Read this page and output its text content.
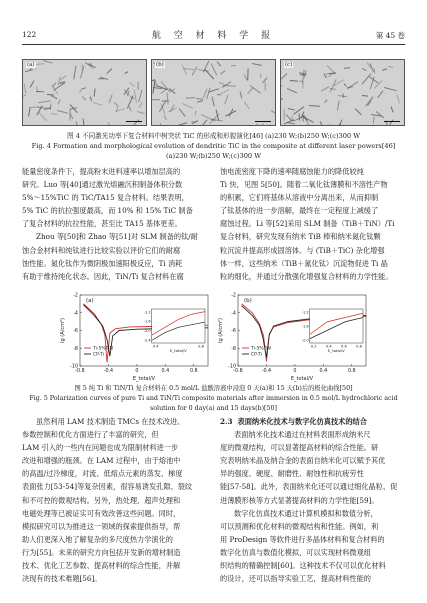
122	航 空 材 料 学 报	第 45 卷
(a)	(b)	(c)
图 4 不同激光功率下复合材料中树突状 TiC 的形成和形貌演化[46] (a)230 W;(b)250 W;(c)300 W
Fig. 4 Formation and morphological evolution of dendritic TiC in the composite at different laser powers[46]
(a)230 W;(b)250 W;(c)300 W
能量密度条件下，提高粉末进料速率以增加层高的
研究。Luo 等[40]通过激光熔融沉积制备体积分数
5%～15%TiC 的 TiC/TA15 复合材料。结果表明，
5% TiC 的抗拉强度最高，而 10% 和 15% TiC 制备
了复合材料的抗拉性能，甚至比 TA15 基体更差。
Zhou 等[50]和 Zhao 等[51]对 SLM 制备的钛/耐
蚀合金材料和纯钛进行比较实验以评价它们的耐腐
蚀性能。氮化钛作为微阴极加速阳极反应，Ti 消耗
有助于维持纯化状态。因此，TiN/Ti 复合材料在腐
蚀电流密度下降的速率随腐蚀能力的降低较纯
Ti 快，见图 5[50]。随着二氧化钛薄膜和不溶性产物
的积累，它们将基体从溶液中分离出来，从而抑制
了钛基体的进一步溶解，最终在一定程度上减缓了
腐蚀过程。Li 等[52]采用 SLM 制备（TiB＋TiN）/Ti
复合材料，研究发现有纳米 TiB 棒和纳米氮化钛颗
粒沉淀并提高形成固溶体。与 (TiB＋TiC) 杂化增强
体一样，这些纳米（TiB＋氮化钛）沉淀物促进 Ti 晶
粒的细化，并通过分散强化增强复合材料的力学性能。
-0.8	-0.4	0	0.4	0.8
-2
-4
-6
-8
-10
E_total/V
lg (A/cm²)
(a)
Ti-5%TiN
CP-Ti
-1.2
-1.6
-2.0
-2.4
0.4	0.8
E_total/V
-0.8	-0.4	0	0.4	0.8
-2
-4
-6
-8
-10
E_total/V
lg (A/cm²)
(b)
Ti-5%TiN
CP-Ti
-1.2
-1.6
-2.0
0.2	0.4	0.6	0.8
E_total/V
图 5 纯 Ti 和 TiN/Ti 复合材料在 0.5 mol/L 盐酸溶液中浸泡 0 天(a)和 15 天(b)后的极化曲线[50]
Fig. 5 Polarization curves of pure Ti and TiN/Ti composite materials after immersion in 0.5 mol/L hydrochloric acid
solution for 0 day(a) and 15 days(b)[50]
虽然利用 LAM 技术制造 TMCs 在技术改进、
参数控制和优化方面进行了丰富的研究，但
LAM 引入的一些内在问题也成为限制材料进一步
改进和增强的瓶颈。在 LAM 过程中，由于熔池中
的高温/过冷梯度，对流、低熔点元素的蒸发、梯度
表面张力[53-54]等复杂因素，很容易诱发孔隙、裂纹
和不可控的微观结构。另外，热处理、超声处理和
电磁处理等已被证实可有效改善这些问题。同时，
模拟研究可以为推进这一领域的探索提供指导，帮
助人们更深入地了解复杂的多尺度热力学演化的
行为[55]。未来的研究方向包括开发新的增材制造
技术、优化工艺参数、提高材料的综合性能，并解
决现有的技术难题[56]。
2.3 表面纳米化技术与数字化仿真技术的结合
表面纳米化技术通过在材料表面形成纳米尺
度的微观结构，可以显著提高材料的综合性能。研
究表明纳米晶及纳合金的表面自纳米化可以赋予其优
异的强度、硬度、耐磨性、耐蚀性和抗疲劳性
能[57-58]。此外，表面纳米化还可以通过细化晶粒、促
进薄膜形核等方式显著提高材料的力学性能[59]。
数字化仿真技术通过计算机模拟和数值分析，
可以预测和优化材料的微观结构和性能。例如，利
用 ProDesign 等软件进行多晶体材料和复合材料的
数字化仿真与数值化模拟，可以实现材料微观组
织结构的精确控制[60]。这种技术不仅可以优化材料
的设计，还可以指导实验工艺，提高材料性能的
